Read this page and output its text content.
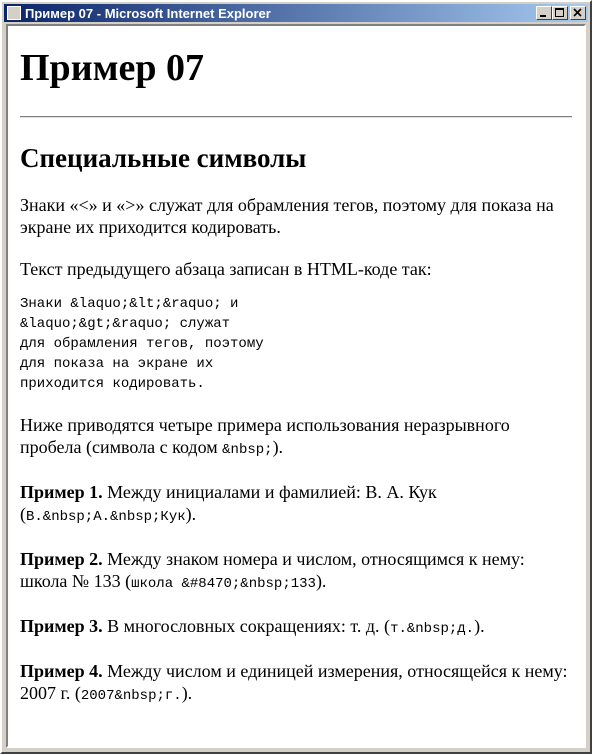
Пример 07 - Microsoft Internet Explorer
Пример 07
Специальные символы

Знаки «<» и «>» служат для обрамления тегов, поэтому для показа на экране их приходится кодировать.

Текст предыдущего абзаца записан в HTML-коде так:

Знаки &laquo;&lt;&raquo; и
&laquo;&gt;&raquo; служат
для обрамления тегов, поэтому
для показа на экране их
приходится кодировать.

Ниже приводятся четыре примера использования неразрывного пробела (символа с кодом &nbsp;).

Пример 1. Между инициалами и фамилией: В. А. Кук (В.&nbsp;А.&nbsp;Кук).

Пример 2. Между знаком номера и числом, относящимся к нему: школа № 133 (школа &#8470;&nbsp;133).

Пример 3. В многословных сокращениях: т. д. (т.&nbsp;д.).

Пример 4. Между числом и единицей измерения, относящейся к нему: 2007 г. (2007&nbsp;г.).
